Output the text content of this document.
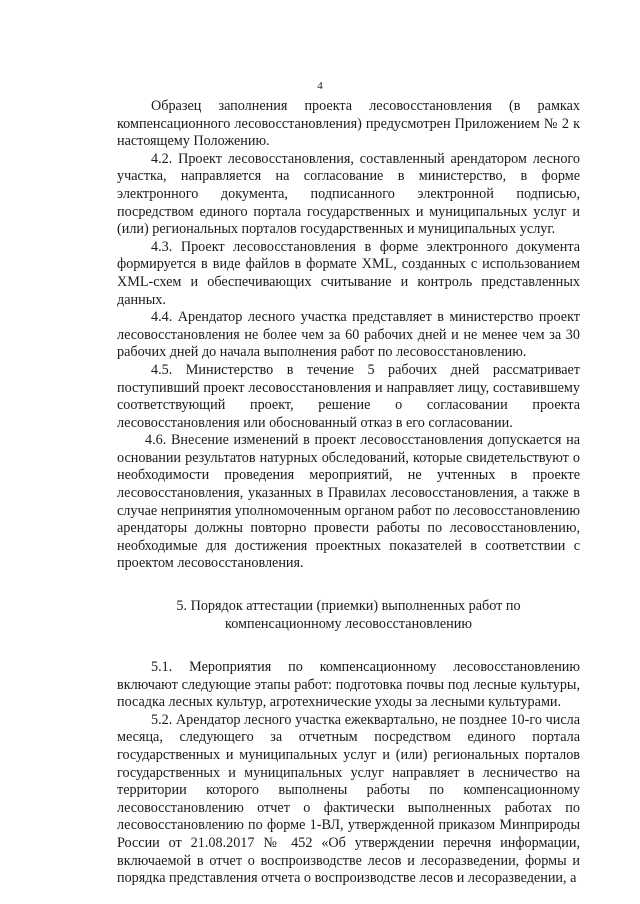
4

Образец заполнения проекта лесовосстановления (в рамках компенсационного лесовосстановления) предусмотрен Приложением № 2 к настоящему Положению.

4.2. Проект лесовосстановления, составленный арендатором лесного участка, направляется на согласование в министерство, в форме электронного документа, подписанного электронной подписью, посредством единого портала государственных и муниципальных услуг и (или) региональных порталов государственных и муниципальных услуг.

4.3. Проект лесовосстановления в форме электронного документа формируется в виде файлов в формате XML, созданных с использованием XML-схем и обеспечивающих считывание и контроль представленных данных.

4.4. Арендатор лесного участка представляет в министерство проект лесовосстановления не более чем за 60 рабочих дней и не менее чем за 30 рабочих дней до начала выполнения работ по лесовосстановлению.

4.5. Министерство в течение 5 рабочих дней рассматривает поступивший проект лесовосстановления и направляет лицу, составившему соответствующий проект, решение о согласовании проекта лесовосстановления или обоснованный отказ в его согласовании.

4.6. Внесение изменений в проект лесовосстановления допускается на основании результатов натурных обследований, которые свидетельствуют о необходимости проведения мероприятий, не учтенных в проекте лесовосстановления, указанных в Правилах лесовосстановления, а также в случае непринятия уполномоченным органом работ по лесовосстановлению арендаторы должны повторно провести работы по лесовосстановлению, необходимые для достижения проектных показателей в соответствии с проектом лесовосстановления.

5. Порядок аттестации (приемки) выполненных работ по компенсационному лесовосстановлению

5.1. Мероприятия по компенсационному лесовосстановлению включают следующие этапы работ: подготовка почвы под лесные культуры, посадка лесных культур, агротехнические уходы за лесными культурами.

5.2. Арендатор лесного участка ежеквартально, не позднее 10-го числа месяца, следующего за отчетным посредством единого портала государственных и муниципальных услуг и (или) региональных порталов государственных и муниципальных услуг направляет в лесничество на территории которого выполнены работы по компенсационному лесовосстановлению отчет о фактически выполненных работах по лесовосстановлению по форме 1-ВЛ, утвержденной приказом Минприроды России от 21.08.2017 № 452 «Об утверждении перечня информации, включаемой в отчет о воспроизводстве лесов и лесоразведении, формы и порядка представления отчета о воспроизводстве лесов и лесоразведении, а
